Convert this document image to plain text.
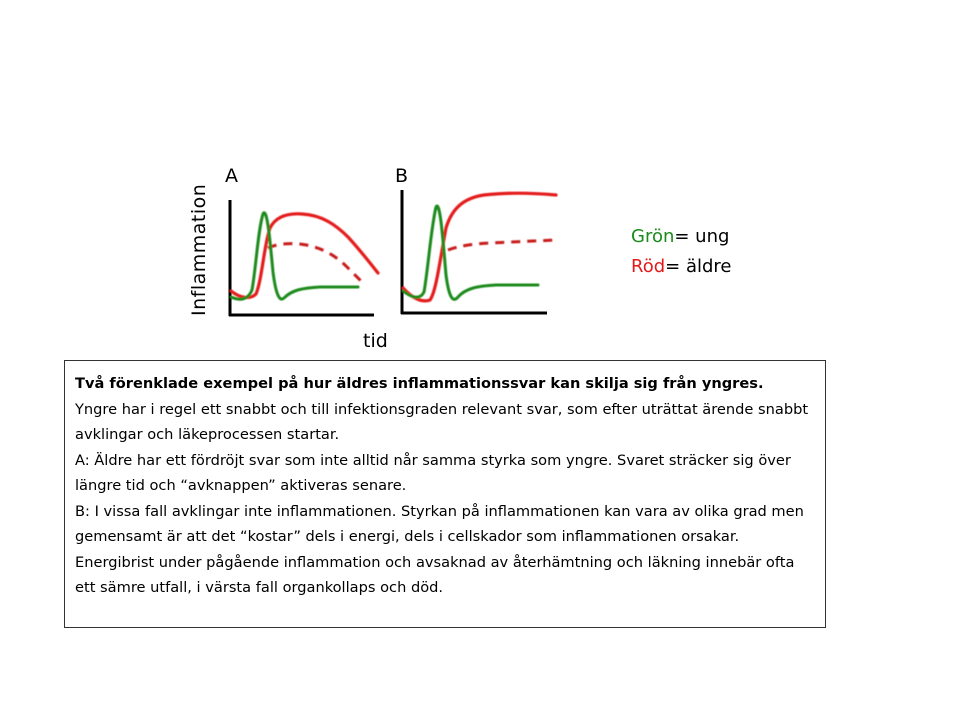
A	B
Inflammation
tid
Grön= ung
Röd= äldre

Två förenklade exempel på hur äldres inflammationssvar kan skilja sig från yngres.

Yngre har i regel ett snabbt och till infektionsgraden relevant svar, som efter uträttat ärende snabbt avklingar och läkeprocessen startar.

A: Äldre har ett fördröjt svar som inte alltid når samma styrka som yngre. Svaret sträcker sig över längre tid och “avknappen” aktiveras senare.

B: I vissa fall avklingar inte inflammationen. Styrkan på inflammationen kan vara av olika grad men gemensamt är att det “kostar” dels i energi, dels i cellskador som inflammationen orsakar. Energibrist under pågående inflammation och avsaknad av återhämtning och läkning innebär ofta ett sämre utfall, i värsta fall organkollaps och död.
